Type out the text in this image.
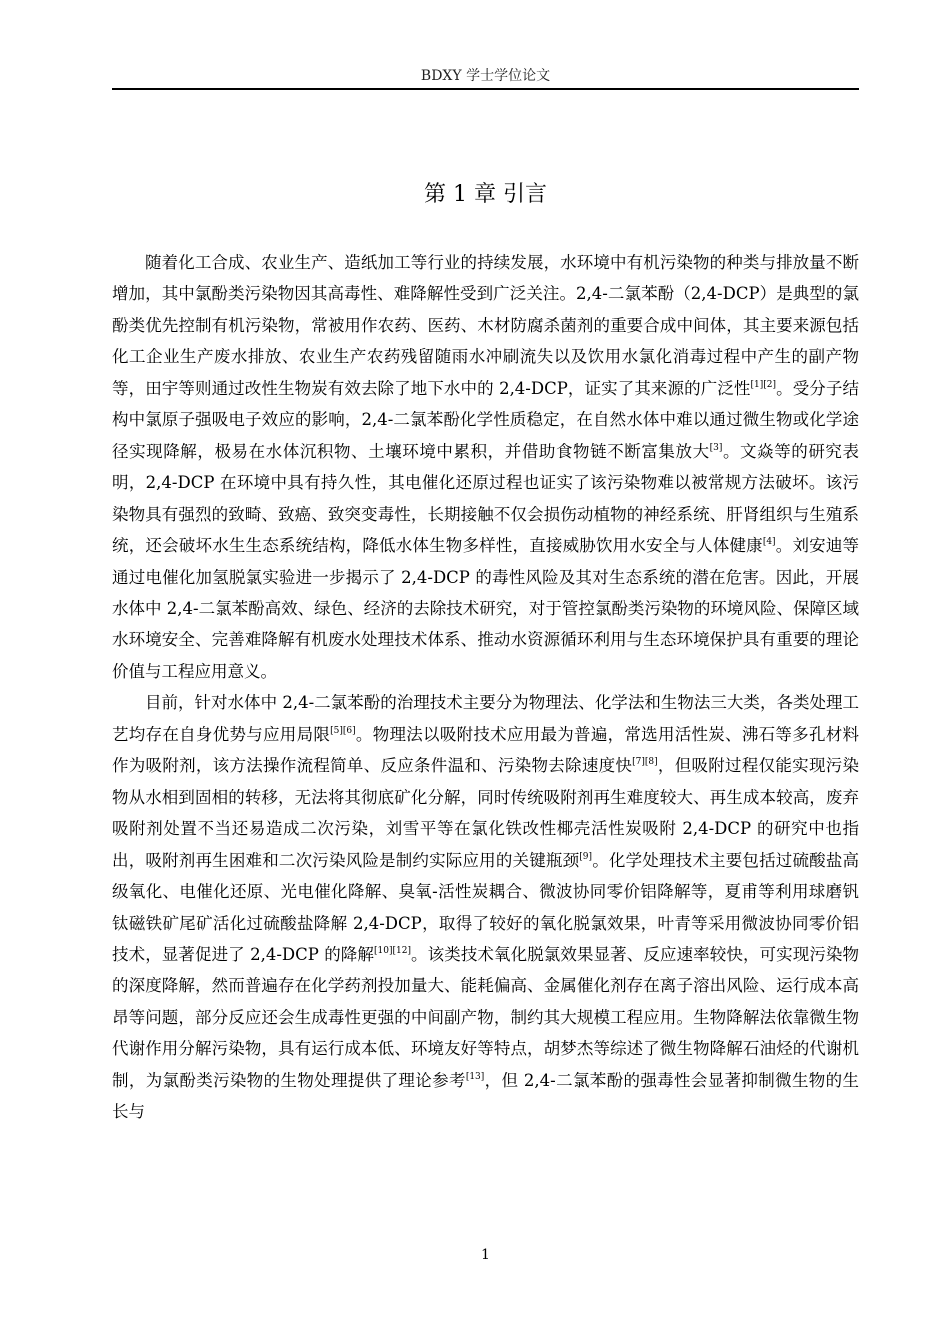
BDXY 学士学位论文
第 1 章 引言

随着化工合成、农业生产、造纸加工等行业的持续发展，水环境中有机污染物的种类与排放量不断增加，其中氯酚类污染物因其高毒性、难降解性受到广泛关注。2,4-二氯苯酚（2,4-DCP）是典型的氯酚类优先控制有机污染物，常被用作农药、医药、木材防腐杀菌剂的重要合成中间体，其主要来源包括化工企业生产废水排放、农业生产农药残留随雨水冲刷流失以及饮用水氯化消毒过程中产生的副产物等，田宇等则通过改性生物炭有效去除了地下水中的 2,4-DCP，证实了其来源的广泛性[1][2]。受分子结构中氯原子强吸电子效应的影响，2,4-二氯苯酚化学性质稳定，在自然水体中难以通过微生物或化学途径实现降解，极易在水体沉积物、土壤环境中累积，并借助食物链不断富集放大[3]。文焱等的研究表明，2,4-DCP 在环境中具有持久性，其电催化还原过程也证实了该污染物难以被常规方法破坏。该污染物具有强烈的致畸、致癌、致突变毒性，长期接触不仅会损伤动植物的神经系统、肝肾组织与生殖系统，还会破坏水生生态系统结构，降低水体生物多样性，直接威胁饮用水安全与人体健康[4]。刘安迪等通过电催化加氢脱氯实验进一步揭示了 2,4-DCP 的毒性风险及其对生态系统的潜在危害。因此，开展水体中 2,4-二氯苯酚高效、绿色、经济的去除技术研究，对于管控氯酚类污染物的环境风险、保障区域水环境安全、完善难降解有机废水处理技术体系、推动水资源循环利用与生态环境保护具有重要的理论价值与工程应用意义。

目前，针对水体中 2,4-二氯苯酚的治理技术主要分为物理法、化学法和生物法三大类，各类处理工艺均存在自身优势与应用局限[5][6]。物理法以吸附技术应用最为普遍，常选用活性炭、沸石等多孔材料作为吸附剂，该方法操作流程简单、反应条件温和、污染物去除速度快[7][8]，但吸附过程仅能实现污染物从水相到固相的转移，无法将其彻底矿化分解，同时传统吸附剂再生难度较大、再生成本较高，废弃吸附剂处置不当还易造成二次污染，刘雪平等在氯化铁改性椰壳活性炭吸附 2,4-DCP 的研究中也指出，吸附剂再生困难和二次污染风险是制约实际应用的关键瓶颈[9]。化学处理技术主要包括过硫酸盐高级氧化、电催化还原、光电催化降解、臭氧-活性炭耦合、微波协同零价铝降解等，夏甫等利用球磨钒钛磁铁矿尾矿活化过硫酸盐降解 2,4-DCP，取得了较好的氧化脱氯效果，叶青等采用微波协同零价铝技术，显著促进了 2,4-DCP 的降解[10][12]。该类技术氧化脱氯效果显著、反应速率较快，可实现污染物的深度降解，然而普遍存在化学药剂投加量大、能耗偏高、金属催化剂存在离子溶出风险、运行成本高昂等问题，部分反应还会生成毒性更强的中间副产物，制约其大规模工程应用。生物降解法依靠微生物代谢作用分解污染物，具有运行成本低、环境友好等特点，胡梦杰等综述了微生物降解石油烃的代谢机制，为氯酚类污染物的生物处理提供了理论参考[13]，但 2,4-二氯苯酚的强毒性会显著抑制微生物的生长与

1
